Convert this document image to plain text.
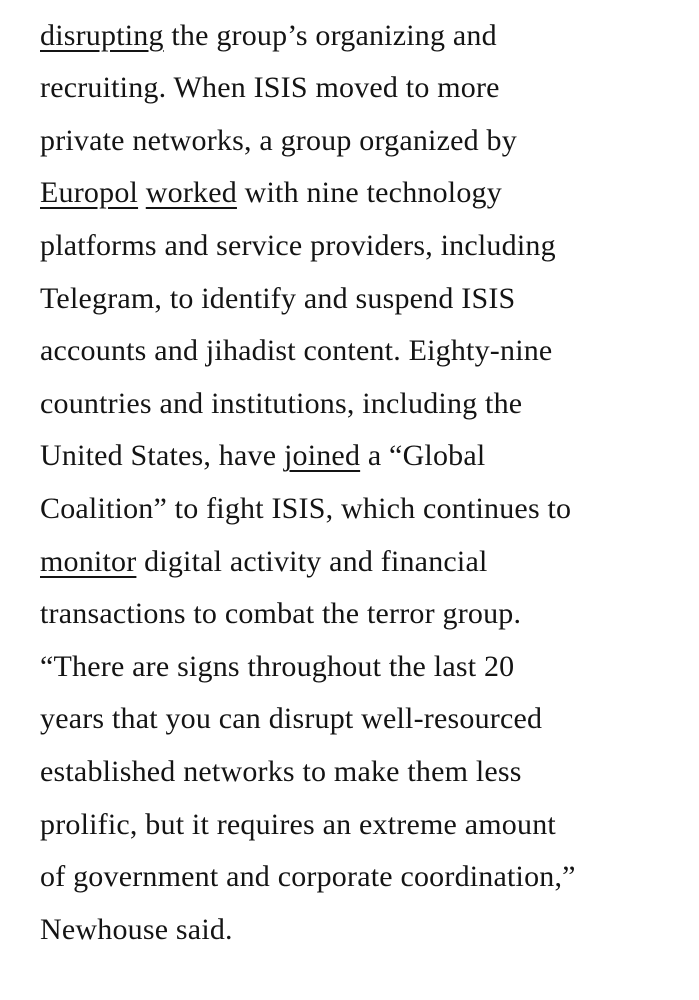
disrupting the group’s organizing and
recruiting. When ISIS moved to more
private networks, a group organized by
Europol worked with nine technology
platforms and service providers, including
Telegram, to identify and suspend ISIS
accounts and jihadist content. Eighty-nine
countries and institutions, including the
United States, have joined a “Global
Coalition” to fight ISIS, which continues to
monitor digital activity and financial
transactions to combat the terror group.
“There are signs throughout the last 20
years that you can disrupt well-resourced
established networks to make them less
prolific, but it requires an extreme amount
of government and corporate coordination,”
Newhouse said.
